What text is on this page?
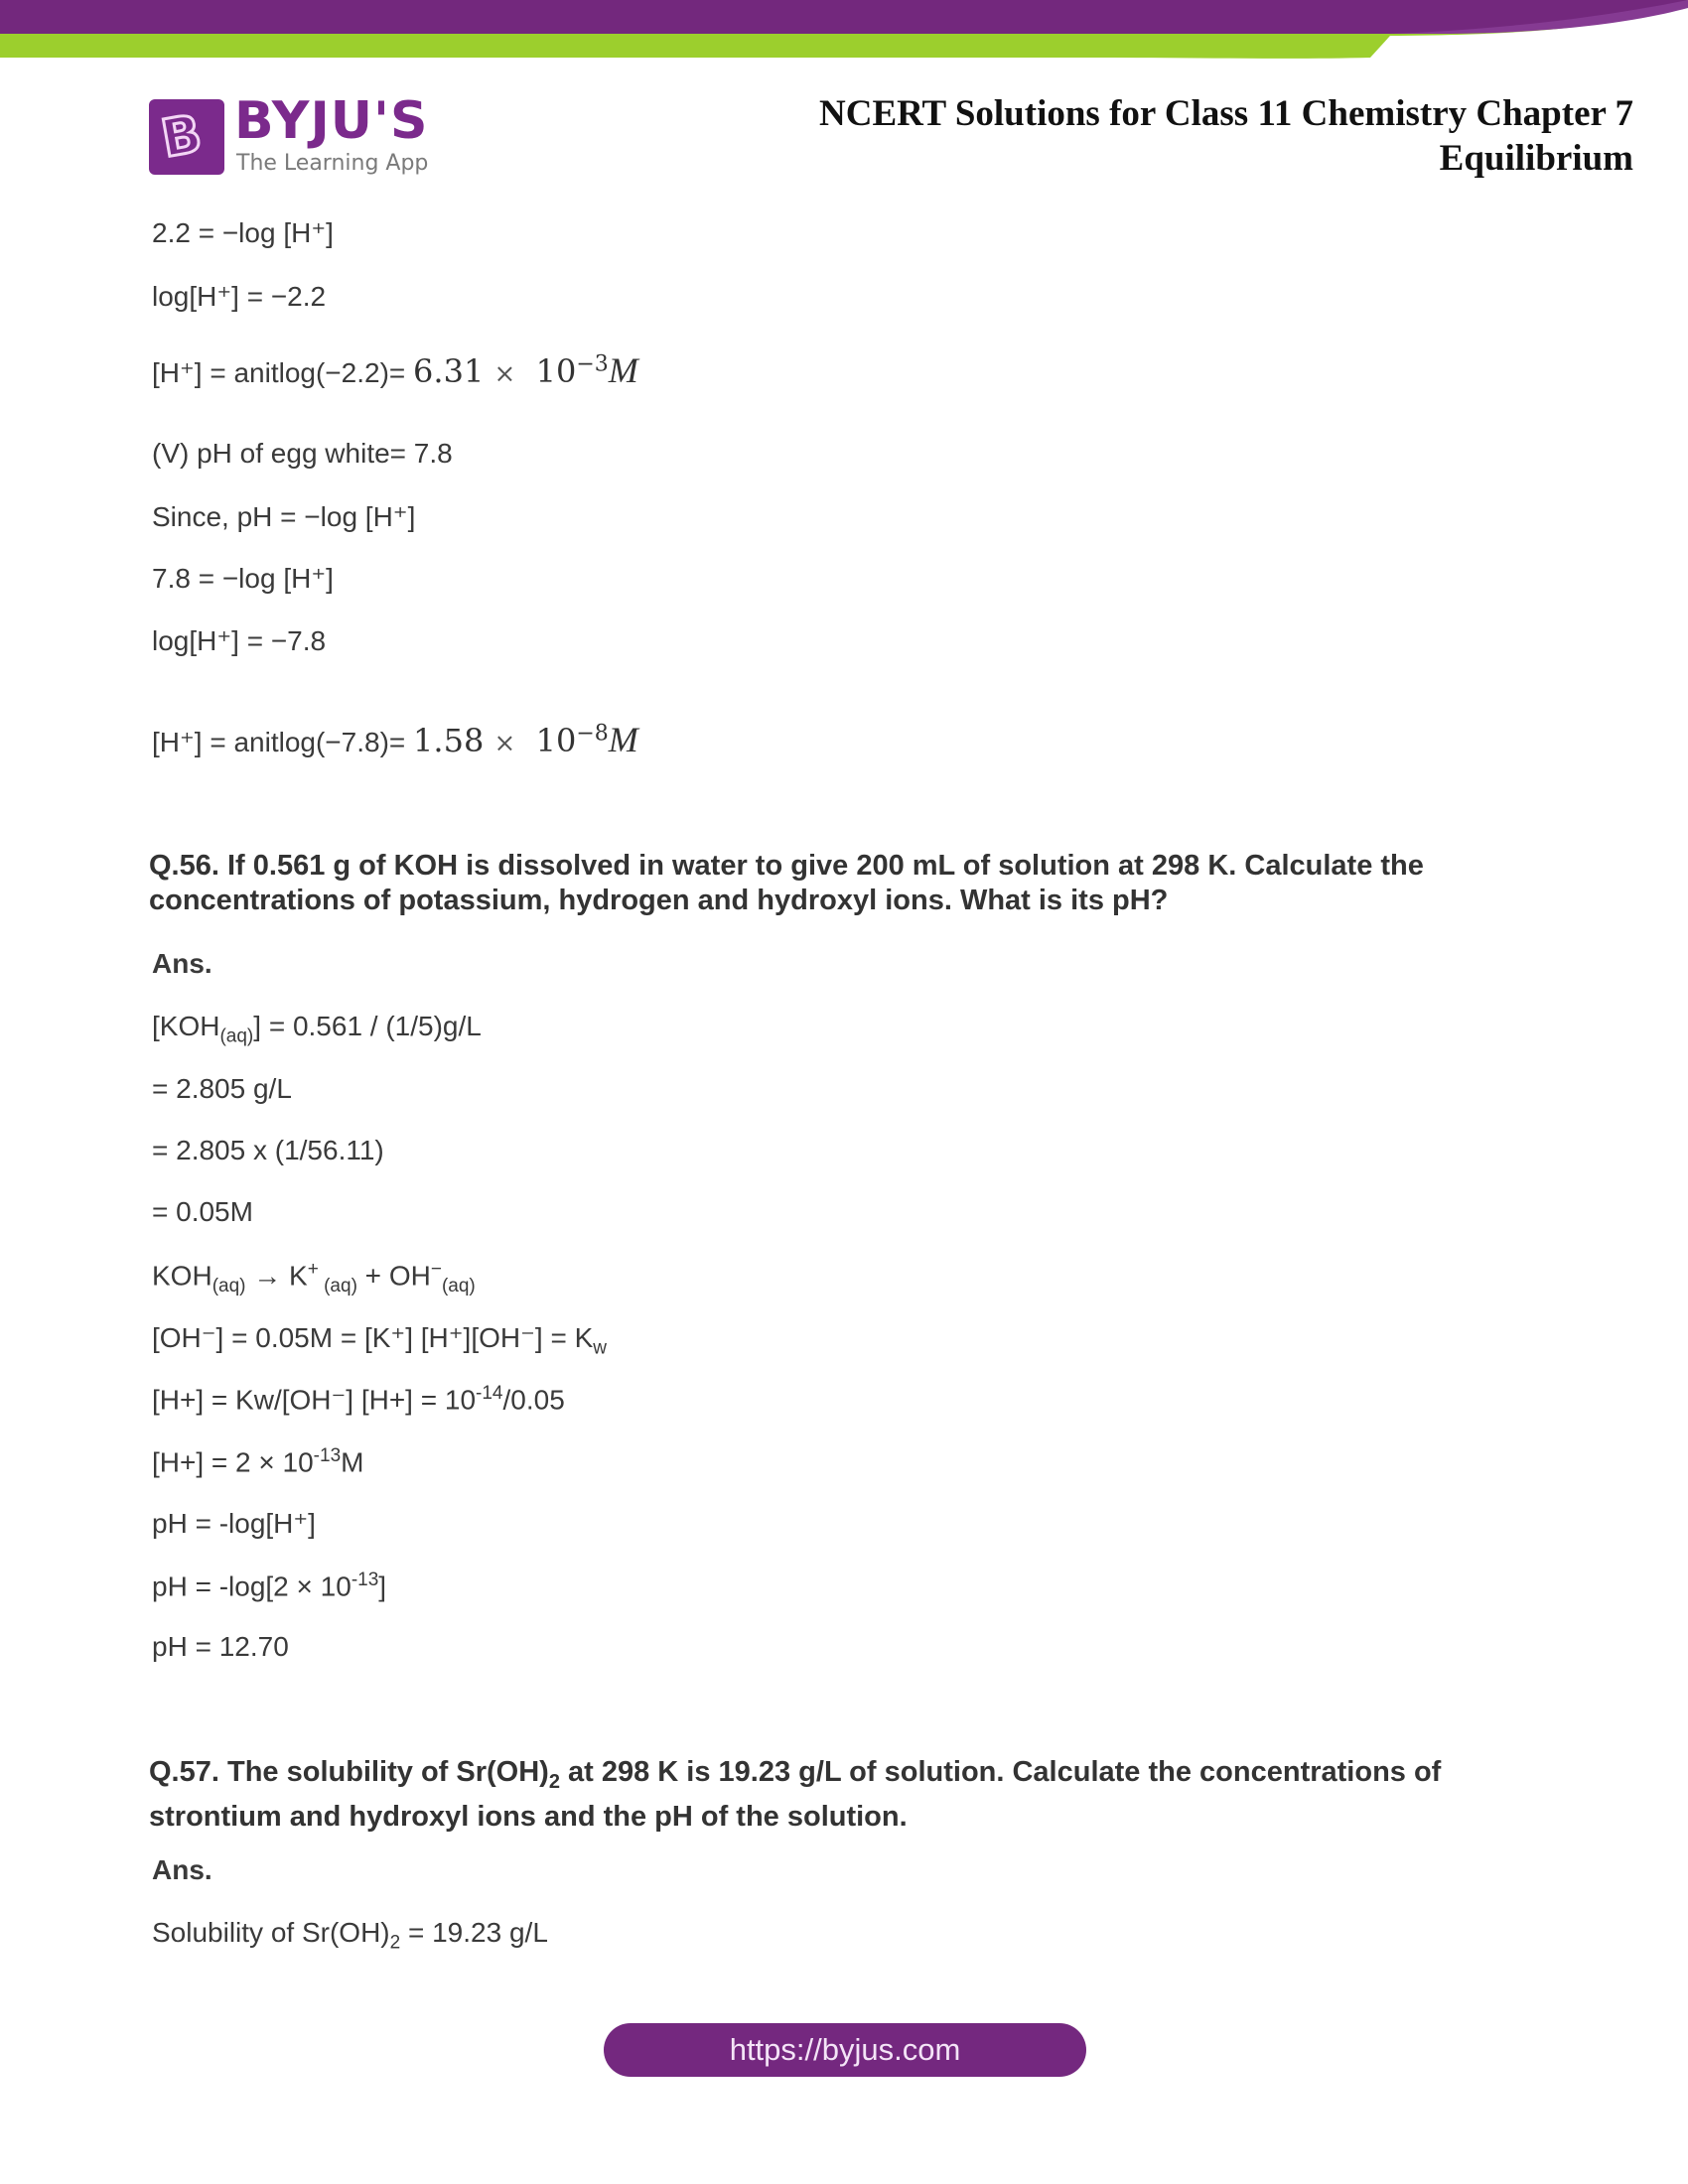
B BYJU'S
The Learning App
NCERT Solutions for Class 11 Chemistry Chapter 7
Equilibrium
2.2 = −log [H⁺]
log[H⁺] = −2.2
[H⁺] = anitlog(−2.2)= $6.31 \times 10^{-3}M$
(V) pH of egg white= 7.8
Since, pH = −log [H⁺]
7.8 = −log [H⁺]
log[H⁺] = −7.8
[H⁺] = anitlog(−7.8)= $1.58 \times 10^{-8}M$
Q.56. If 0.561 g of KOH is dissolved in water to give 200 mL of solution at 298 K. Calculate the concentrations of potassium, hydrogen and hydroxyl ions. What is its pH?
Ans.
$[KOH_{(aq)}] = 0.561 / (1/5)g/L$
= 2.805 g/L
= 2.805 x (1/56.11)
= 0.05M
$KOH_{(aq)} \to K^+$ $_{(aq)} + OH^-_{(aq)}$
[OH⁻] = 0.05M = [K⁺] $[H^+][OH^-] = K_w$
[H+] = Kw/[OH⁻] $[H+] = 10^{-14}/0.05$
$[H+] = 2 \times 10^{-13}M$
pH = -log[H⁺]
pH = $-\log[2 \times 10^{-13}]$
pH = 12.70
Q.57. The solubility of $Sr(OH)_2$ at 298 K is 19.23 g/L of solution. Calculate the concentrations of strontium and hydroxyl ions and the pH of the solution.
Ans.
Solubility of $Sr(OH)_2 = 19.23$ g/L
https://byjus.com
